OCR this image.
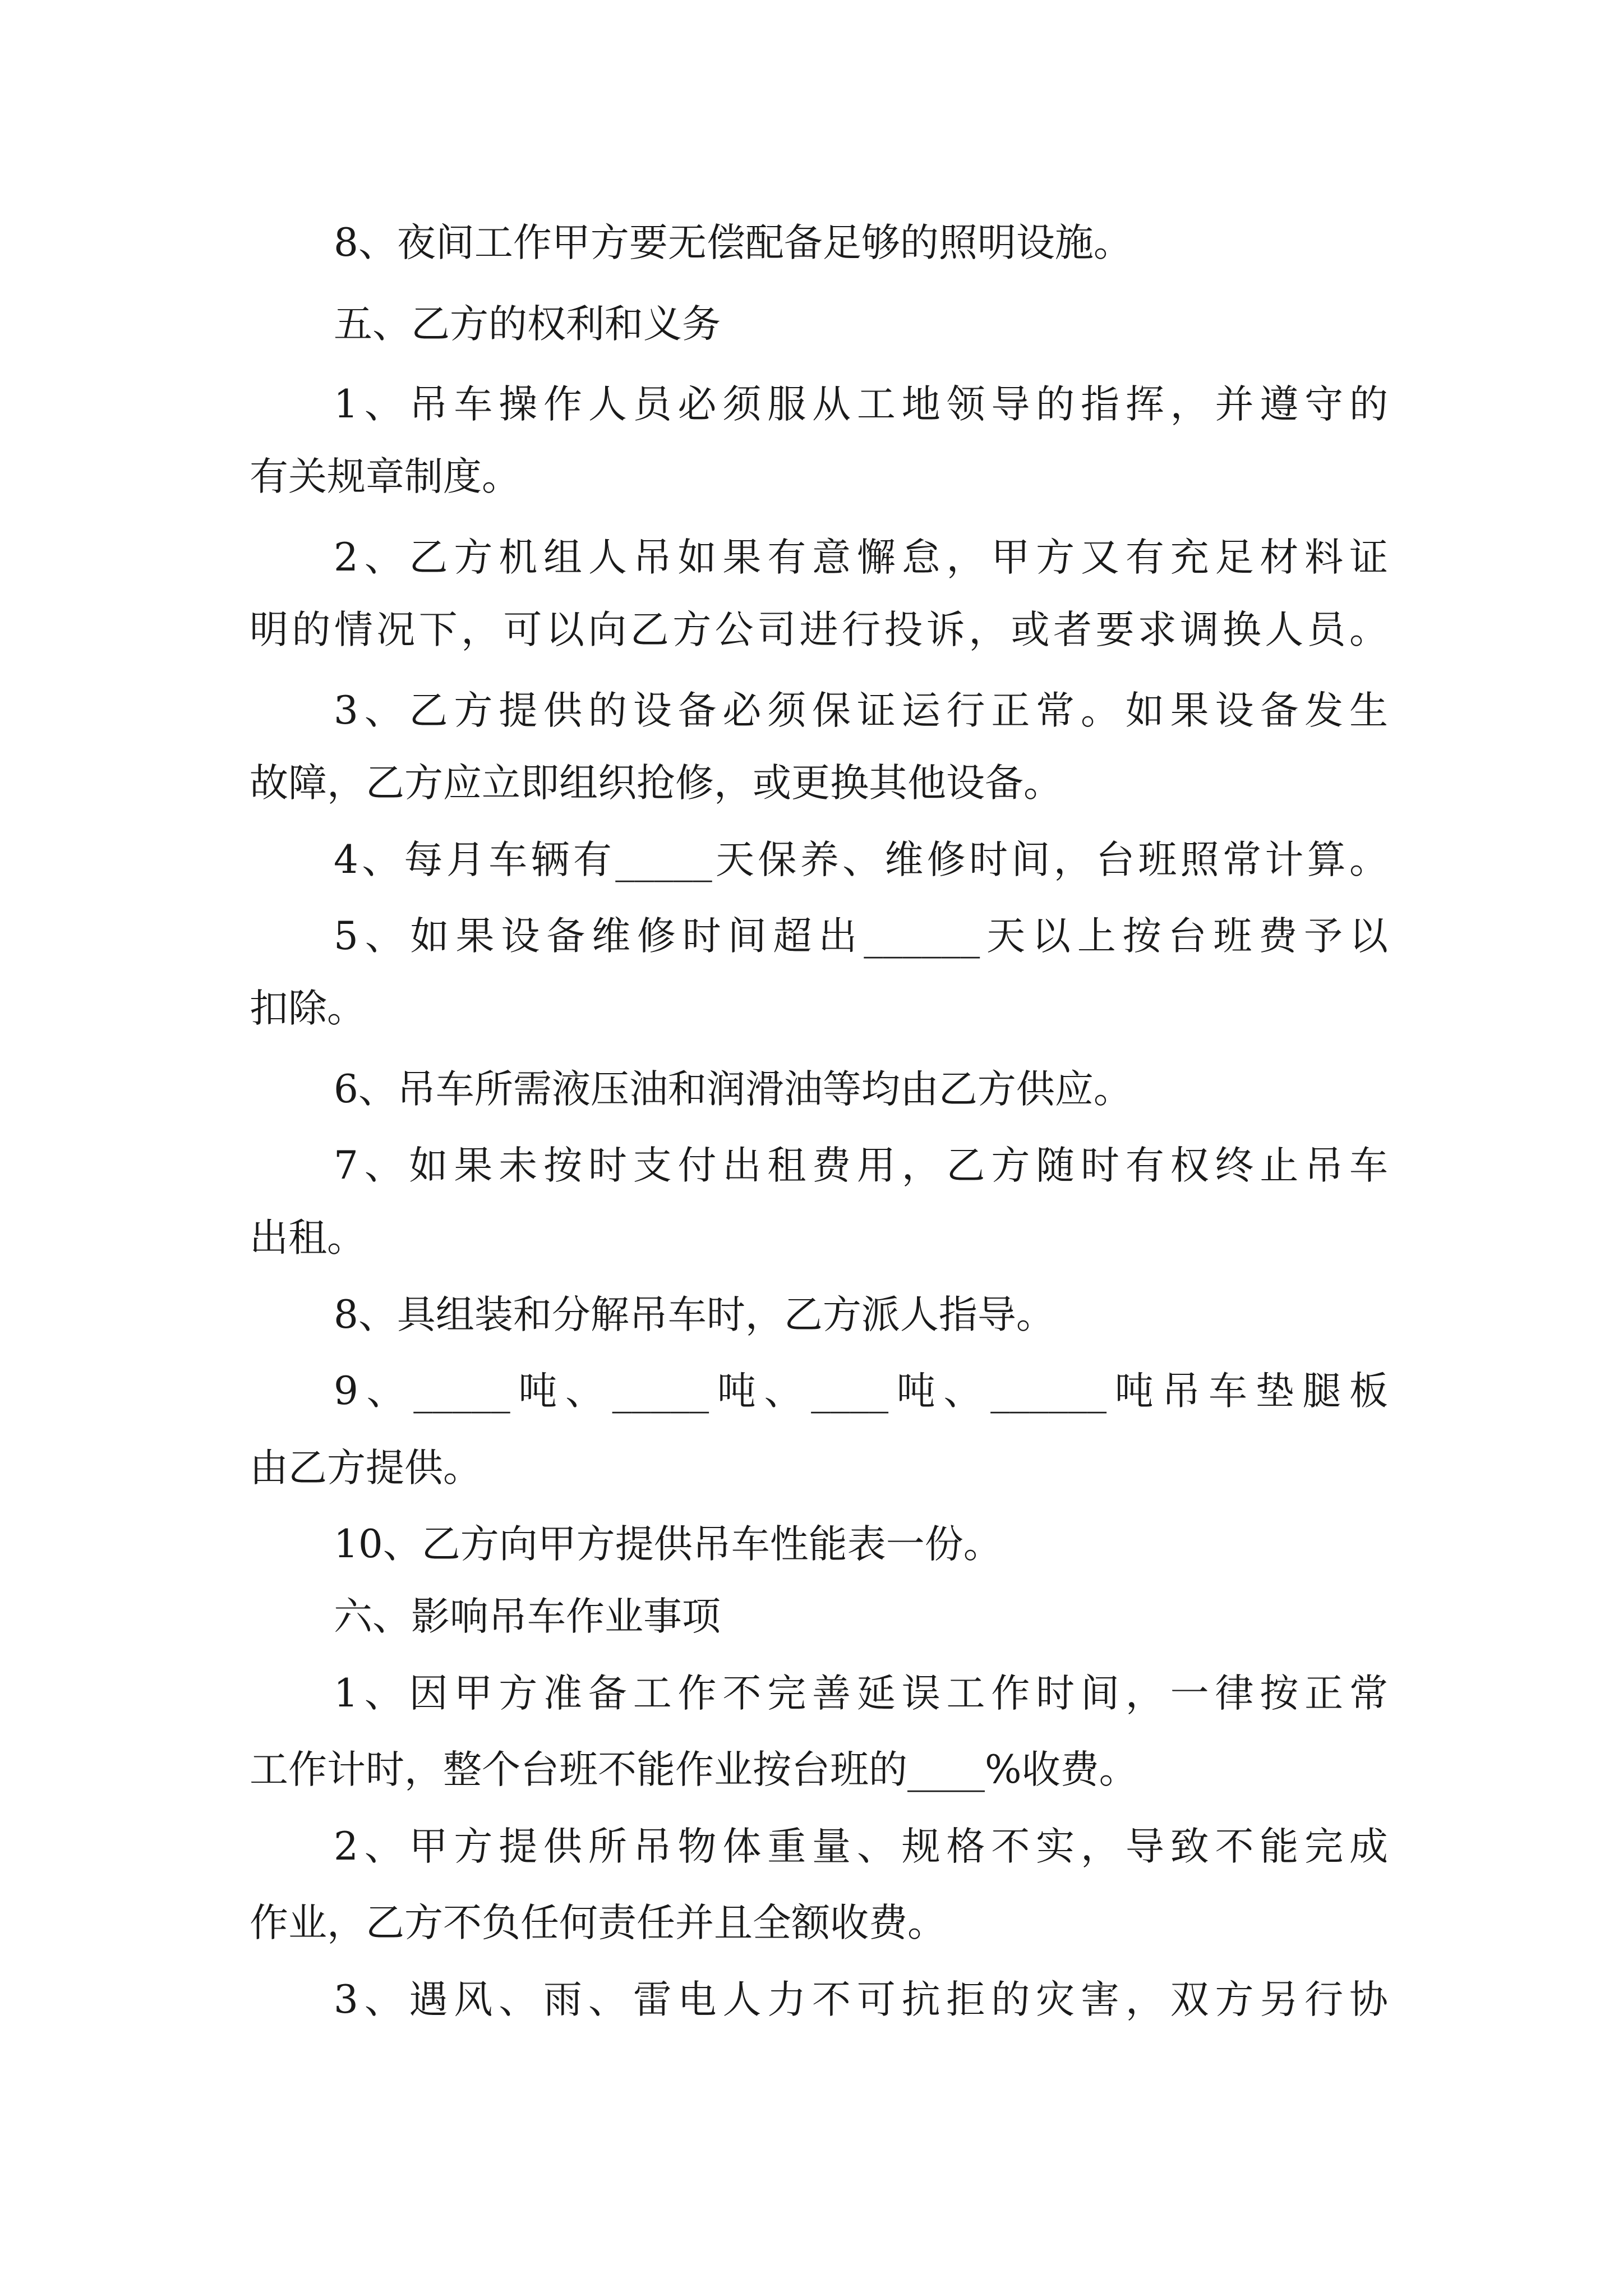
8、夜间工作甲方要无偿配备足够的照明设施。
五、乙方的权利和义务
1、吊车操作人员必须服从工地领导的指挥，并遵守的
有关规章制度。
2、乙方机组人吊如果有意懈怠，甲方又有充足材料证
明的情况下，可以向乙方公司进行投诉，或者要求调换人员。
3、乙方提供的设备必须保证运行正常。如果设备发生
故障，乙方应立即组织抢修，或更换其他设备。
4、每月车辆有_____天保养、维修时间，台班照常计算。
5、如果设备维修时间超出______天以上按台班费予以
扣除。
6、吊车所需液压油和润滑油等均由乙方供应。
7、如果未按时支付出租费用，乙方随时有权终止吊车
出租。
8、具组装和分解吊车时，乙方派人指导。
9、_____吨、_____吨、____吨、______吨吊车垫腿板
由乙方提供。
10、乙方向甲方提供吊车性能表一份。
六、影响吊车作业事项
1、因甲方准备工作不完善延误工作时间，一律按正常
工作计时，整个台班不能作业按台班的____%收费。
2、甲方提供所吊物体重量、规格不实，导致不能完成
作业，乙方不负任何责任并且全额收费。
3、遇风、雨、雷电人力不可抗拒的灾害，双方另行协
